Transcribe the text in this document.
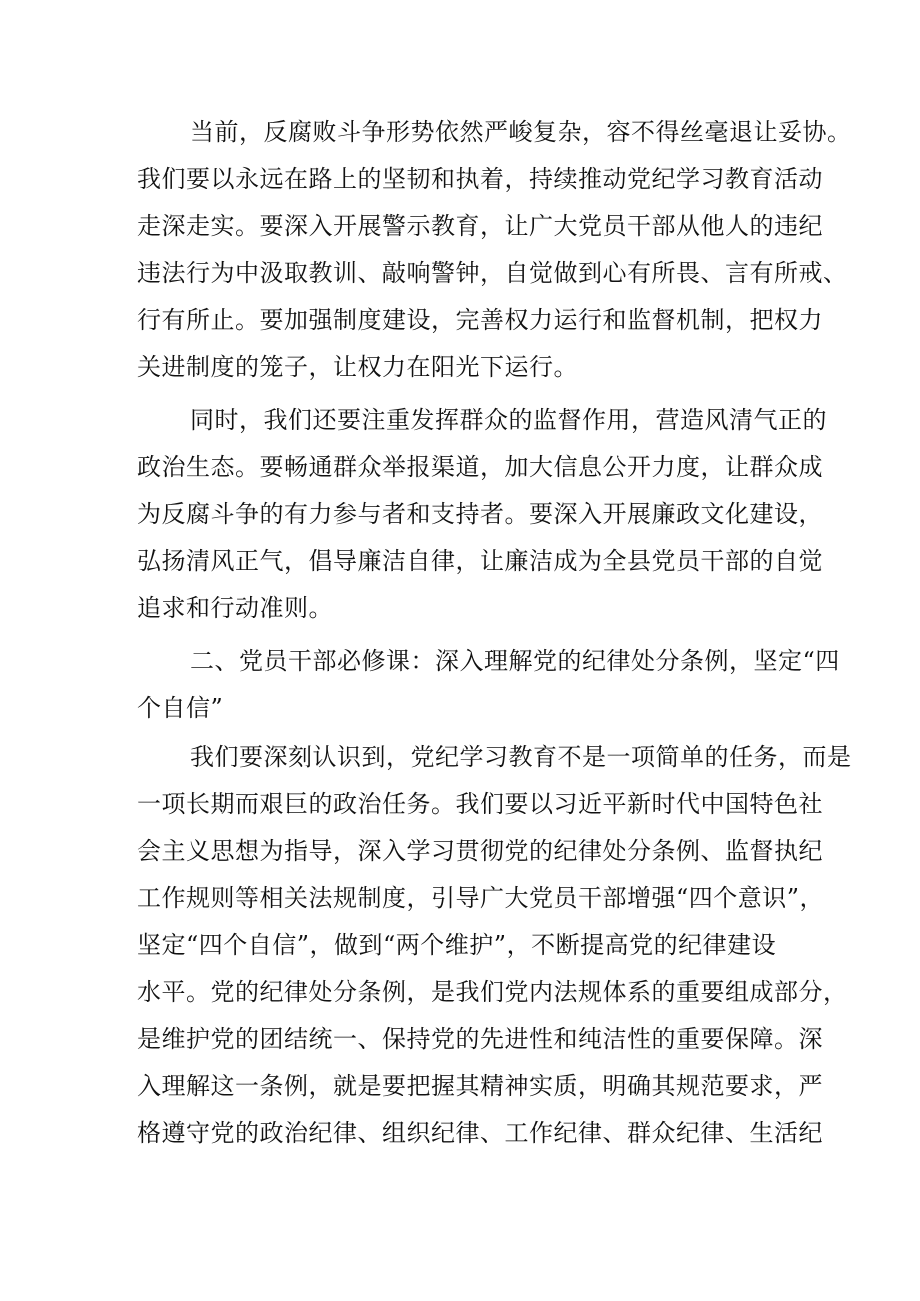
当前，反腐败斗争形势依然严峻复杂，容不得丝毫退让妥协。
我们要以永远在路上的坚韧和执着，持续推动党纪学习教育活动
走深走实。要深入开展警示教育，让广大党员干部从他人的违纪
违法行为中汲取教训、敲响警钟，自觉做到心有所畏、言有所戒、
行有所止。要加强制度建设，完善权力运行和监督机制，把权力
关进制度的笼子，让权力在阳光下运行。
同时，我们还要注重发挥群众的监督作用，营造风清气正的
政治生态。要畅通群众举报渠道，加大信息公开力度，让群众成
为反腐斗争的有力参与者和支持者。要深入开展廉政文化建设，
弘扬清风正气，倡导廉洁自律，让廉洁成为全县党员干部的自觉
追求和行动准则。
二、党员干部必修课：深入理解党的纪律处分条例，坚定“四
个自信”
我们要深刻认识到，党纪学习教育不是一项简单的任务，而是
一项长期而艰巨的政治任务。我们要以习近平新时代中国特色社
会主义思想为指导，深入学习贯彻党的纪律处分条例、监督执纪
工作规则等相关法规制度，引导广大党员干部增强“四个意识”，
坚定“四个自信”，做到“两个维护”，不断提高党的纪律建设
水平。党的纪律处分条例，是我们党内法规体系的重要组成部分，
是维护党的团结统一、保持党的先进性和纯洁性的重要保障。深
入理解这一条例，就是要把握其精神实质，明确其规范要求，严
格遵守党的政治纪律、组织纪律、工作纪律、群众纪律、生活纪
